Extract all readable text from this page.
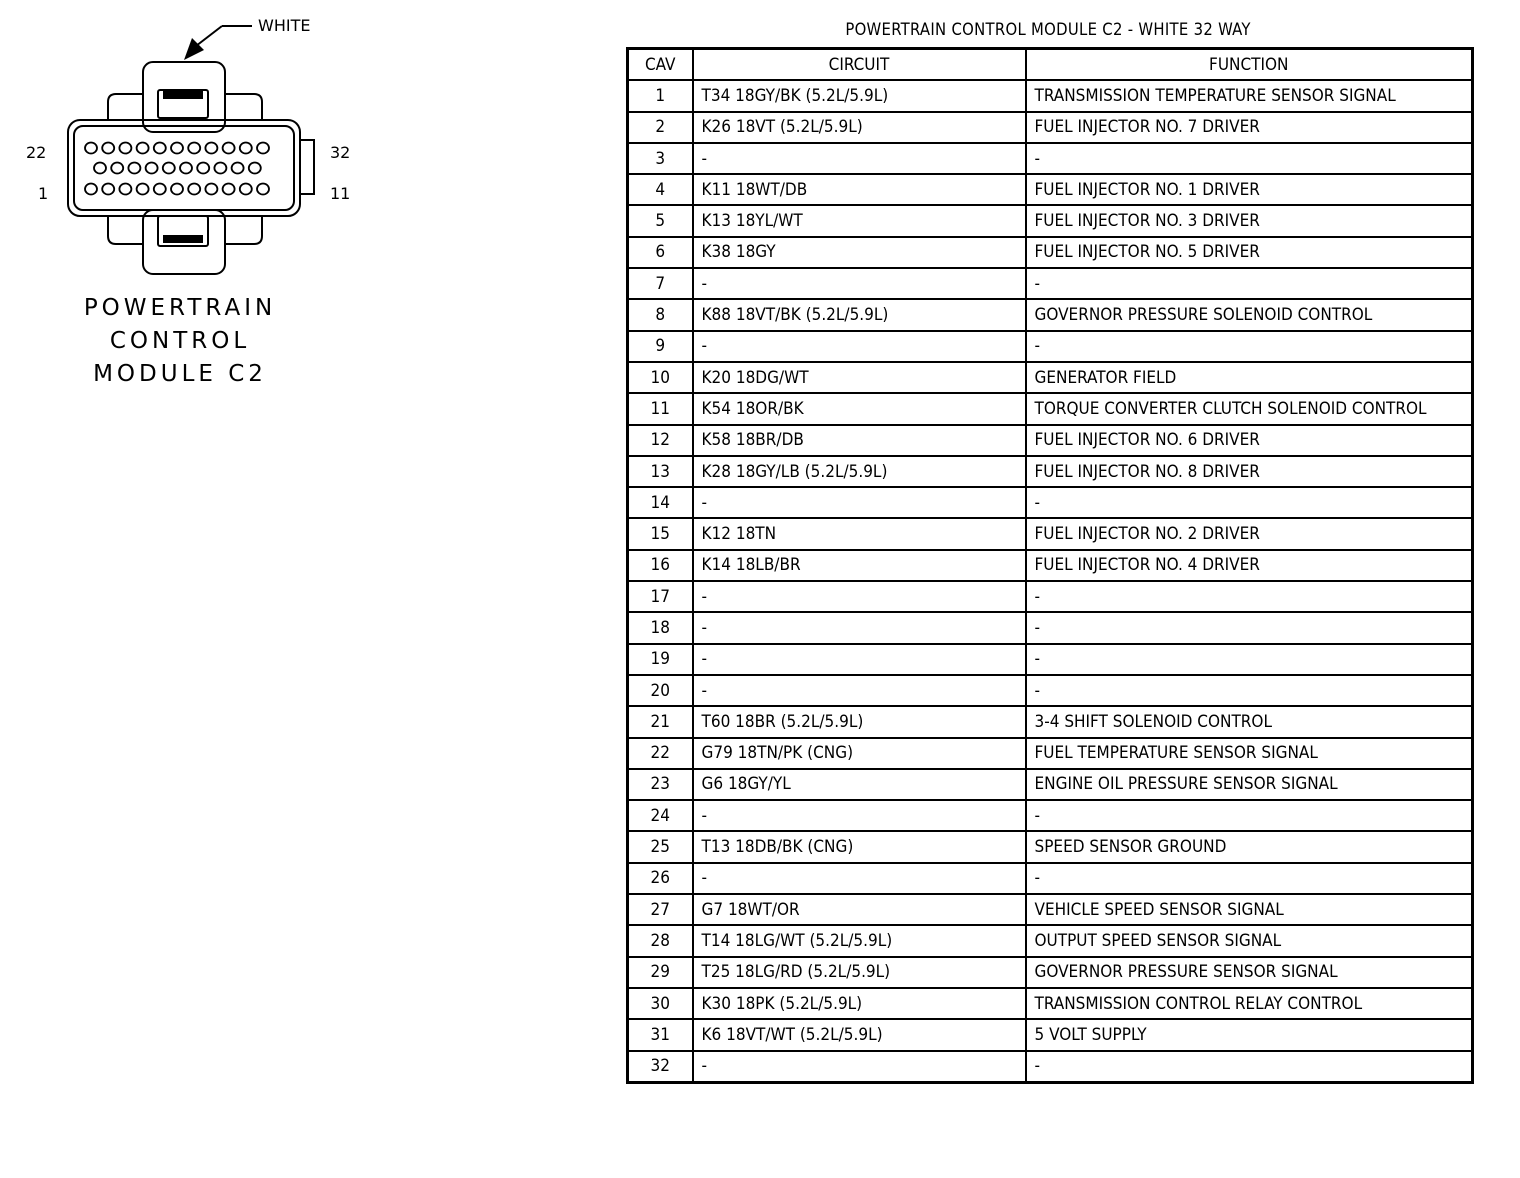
WHITE
22
1
32
11
POWERTRAIN
CONTROL
MODULE C2
POWERTRAIN CONTROL MODULE C2 - WHITE 32 WAY
CAV	CIRCUIT	FUNCTION
1	T34 18GY/BK (5.2L/5.9L)	TRANSMISSION TEMPERATURE SENSOR SIGNAL
2	K26 18VT (5.2L/5.9L)	FUEL INJECTOR NO. 7 DRIVER
3	-	-
4	K11 18WT/DB	FUEL INJECTOR NO. 1 DRIVER
5	K13 18YL/WT	FUEL INJECTOR NO. 3 DRIVER
6	K38 18GY	FUEL INJECTOR NO. 5 DRIVER
7	-	-
8	K88 18VT/BK (5.2L/5.9L)	GOVERNOR PRESSURE SOLENOID CONTROL
9	-	-
10	K20 18DG/WT	GENERATOR FIELD
11	K54 18OR/BK	TORQUE CONVERTER CLUTCH SOLENOID CONTROL
12	K58 18BR/DB	FUEL INJECTOR NO. 6 DRIVER
13	K28 18GY/LB (5.2L/5.9L)	FUEL INJECTOR NO. 8 DRIVER
14	-	-
15	K12 18TN	FUEL INJECTOR NO. 2 DRIVER
16	K14 18LB/BR	FUEL INJECTOR NO. 4 DRIVER
17	-	-
18	-	-
19	-	-
20	-	-
21	T60 18BR (5.2L/5.9L)	3-4 SHIFT SOLENOID CONTROL
22	G79 18TN/PK (CNG)	FUEL TEMPERATURE SENSOR SIGNAL
23	G6 18GY/YL	ENGINE OIL PRESSURE SENSOR SIGNAL
24	-	-
25	T13 18DB/BK (CNG)	SPEED SENSOR GROUND
26	-	-
27	G7 18WT/OR	VEHICLE SPEED SENSOR SIGNAL
28	T14 18LG/WT (5.2L/5.9L)	OUTPUT SPEED SENSOR SIGNAL
29	T25 18LG/RD (5.2L/5.9L)	GOVERNOR PRESSURE SENSOR SIGNAL
30	K30 18PK (5.2L/5.9L)	TRANSMISSION CONTROL RELAY CONTROL
31	K6 18VT/WT (5.2L/5.9L)	5 VOLT SUPPLY
32	-	-
